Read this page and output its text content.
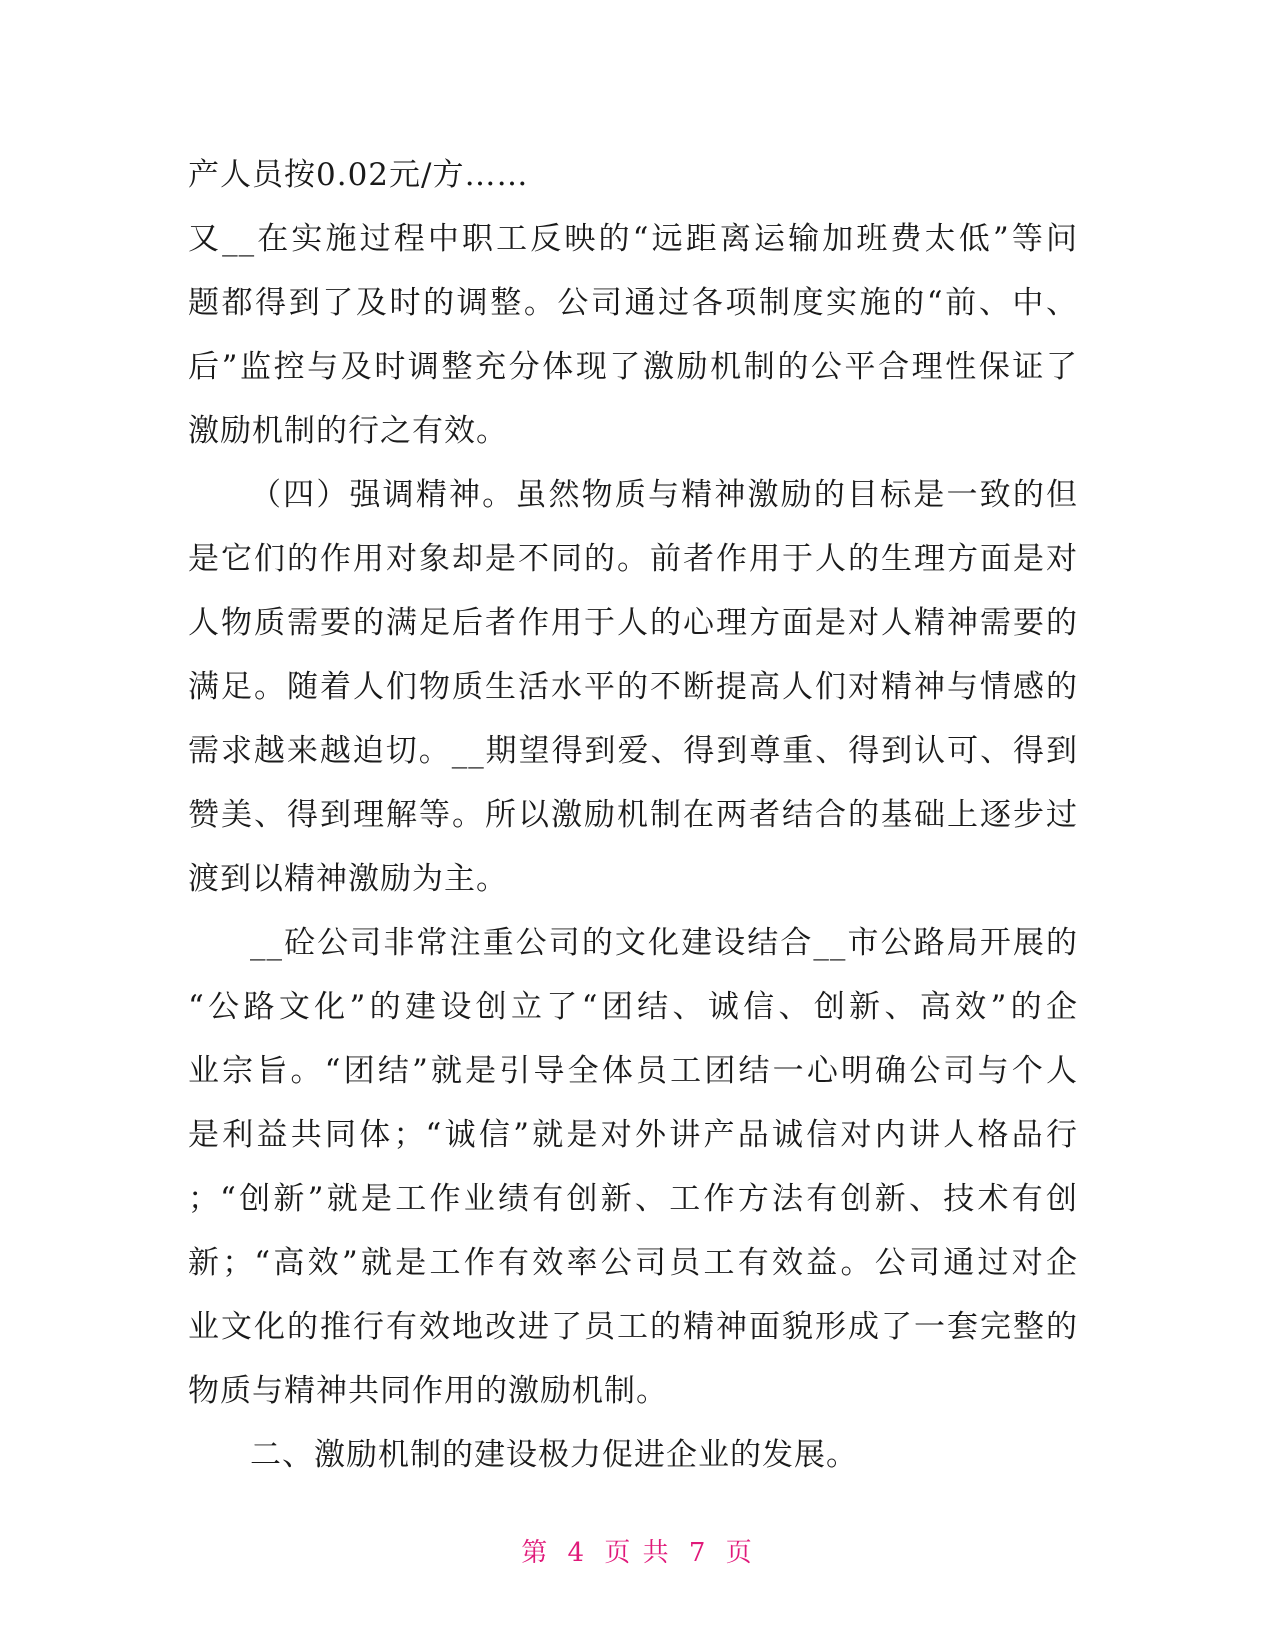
产人员按0.02元/方……
又__在实施过程中职工反映的“远距离运输加班费太低”等问
题都得到了及时的调整。公司通过各项制度实施的“前、中、
后”监控与及时调整充分体现了激励机制的公平合理性保证了
激励机制的行之有效。
（四）强调精神。虽然物质与精神激励的目标是一致的但
是它们的作用对象却是不同的。前者作用于人的生理方面是对
人物质需要的满足后者作用于人的心理方面是对人精神需要的
满足。随着人们物质生活水平的不断提高人们对精神与情感的
需求越来越迫切。__期望得到爱、得到尊重、得到认可、得到
赞美、得到理解等。所以激励机制在两者结合的基础上逐步过
渡到以精神激励为主。
__砼公司非常注重公司的文化建设结合__市公路局开展的
“公路文化”的建设创立了“团结、诚信、创新、高效”的企
业宗旨。“团结”就是引导全体员工团结一心明确公司与个人
是利益共同体；“诚信”就是对外讲产品诚信对内讲人格品行
；“创新”就是工作业绩有创新、工作方法有创新、技术有创
新；“高效”就是工作有效率公司员工有效益。公司通过对企
业文化的推行有效地改进了员工的精神面貌形成了一套完整的
物质与精神共同作用的激励机制。
二、激励机制的建设极力促进企业的发展。
第 4 页 共 7 页
